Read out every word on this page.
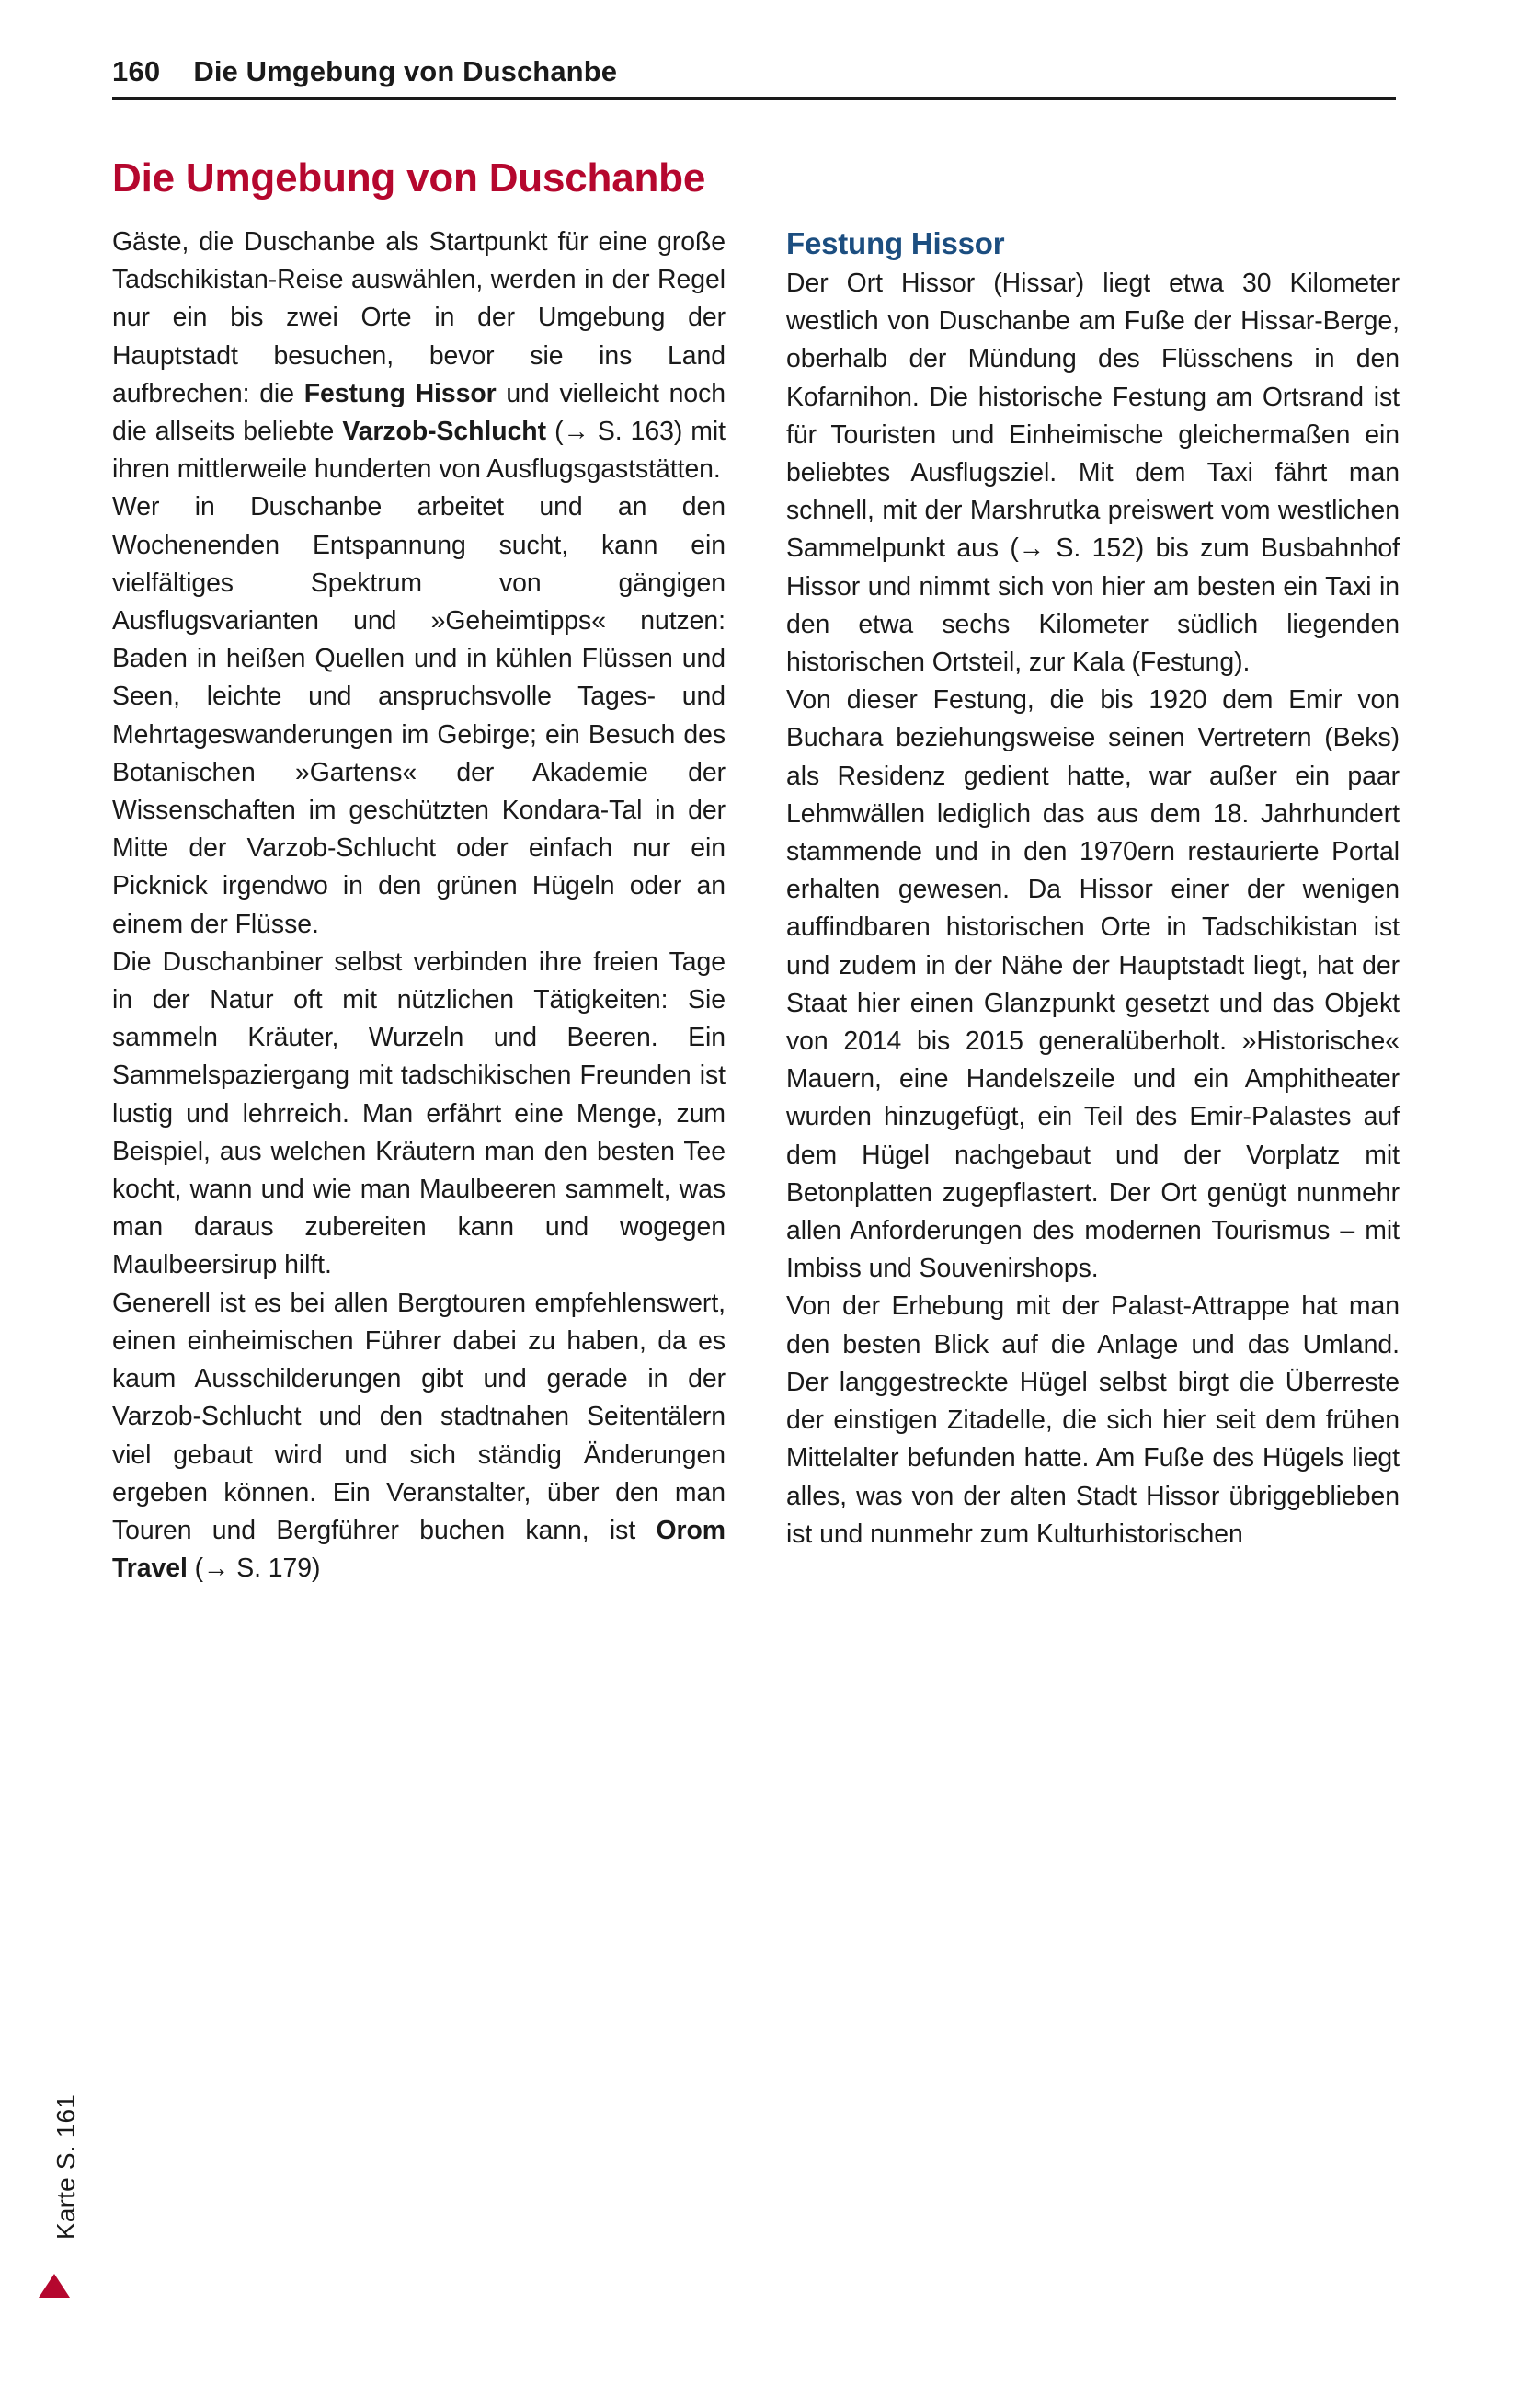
160 Die Umgebung von Duschanbe
Die Umgebung von Duschanbe

Gäste, die Duschanbe als Startpunkt für eine große Tadschikistan-Reise auswählen, werden in der Regel nur ein bis zwei Orte in der Umgebung der Hauptstadt besuchen, bevor sie ins Land aufbrechen: die Festung Hissor und vielleicht noch die allseits beliebte Varzob-Schlucht (→ S. 163) mit ihren mittlerweile hunderten von Ausflugsgaststätten.

Wer in Duschanbe arbeitet und an den Wochenenden Entspannung sucht, kann ein vielfältiges Spektrum von gängigen Ausflugsvarianten und »Geheimtipps« nutzen: Baden in heißen Quellen und in kühlen Flüssen und Seen, leichte und anspruchsvolle Tages- und Mehrtageswanderungen im Gebirge; ein Besuch des Botanischen »Gartens« der Akademie der Wissenschaften im geschützten Kondara-Tal in der Mitte der Varzob-Schlucht oder einfach nur ein Picknick irgendwo in den grünen Hügeln oder an einem der Flüsse.

Die Duschanbiner selbst verbinden ihre freien Tage in der Natur oft mit nützlichen Tätigkeiten: Sie sammeln Kräuter, Wurzeln und Beeren. Ein Sammelspaziergang mit tadschikischen Freunden ist lustig und lehrreich. Man erfährt eine Menge, zum Beispiel, aus welchen Kräutern man den besten Tee kocht, wann und wie man Maulbeeren sammelt, was man daraus zubereiten kann und wogegen Maulbeersirup hilft.

Generell ist es bei allen Bergtouren empfehlenswert, einen einheimischen Führer dabei zu haben, da es kaum Ausschilderungen gibt und gerade in der Varzob-Schlucht und den stadtnahen Seitentälern viel gebaut wird und sich ständig Änderungen ergeben können. Ein Veranstalter, über den man Touren und Bergführer buchen kann, ist Orom Travel (→ S. 179)

Festung Hissor

Der Ort Hissor (Hissar) liegt etwa 30 Kilometer westlich von Duschanbe am Fuße der Hissar-Berge, oberhalb der Mündung des Flüsschens in den Kofarnihon. Die historische Festung am Ortsrand ist für Touristen und Einheimische gleichermaßen ein beliebtes Ausflugsziel. Mit dem Taxi fährt man schnell, mit der Marshrutka preiswert vom westlichen Sammelpunkt aus (→ S. 152) bis zum Busbahnhof Hissor und nimmt sich von hier am besten ein Taxi in den etwa sechs Kilometer südlich liegenden historischen Ortsteil, zur Kala (Festung).

Von dieser Festung, die bis 1920 dem Emir von Buchara beziehungsweise seinen Vertretern (Beks) als Residenz gedient hatte, war außer ein paar Lehmwällen lediglich das aus dem 18. Jahrhundert stammende und in den 1970ern restaurierte Portal erhalten gewesen. Da Hissor einer der wenigen auffindbaren historischen Orte in Tadschikistan ist und zudem in der Nähe der Hauptstadt liegt, hat der Staat hier einen Glanzpunkt gesetzt und das Objekt von 2014 bis 2015 generalüberholt. »Historische« Mauern, eine Handelszeile und ein Amphitheater wurden hinzugefügt, ein Teil des Emir-Palastes auf dem Hügel nachgebaut und der Vorplatz mit Betonplatten zugepflastert. Der Ort genügt nunmehr allen Anforderungen des modernen Tourismus – mit Imbiss und Souvenirshops.

Von der Erhebung mit der Palast-Attrappe hat man den besten Blick auf die Anlage und das Umland. Der langgestreckte Hügel selbst birgt die Überreste der einstigen Zitadelle, die sich hier seit dem frühen Mittelalter befunden hatte. Am Fuße des Hügels liegt alles, was von der alten Stadt Hissor übriggeblieben ist und nunmehr zum Kulturhistorischen

Karte S. 161
